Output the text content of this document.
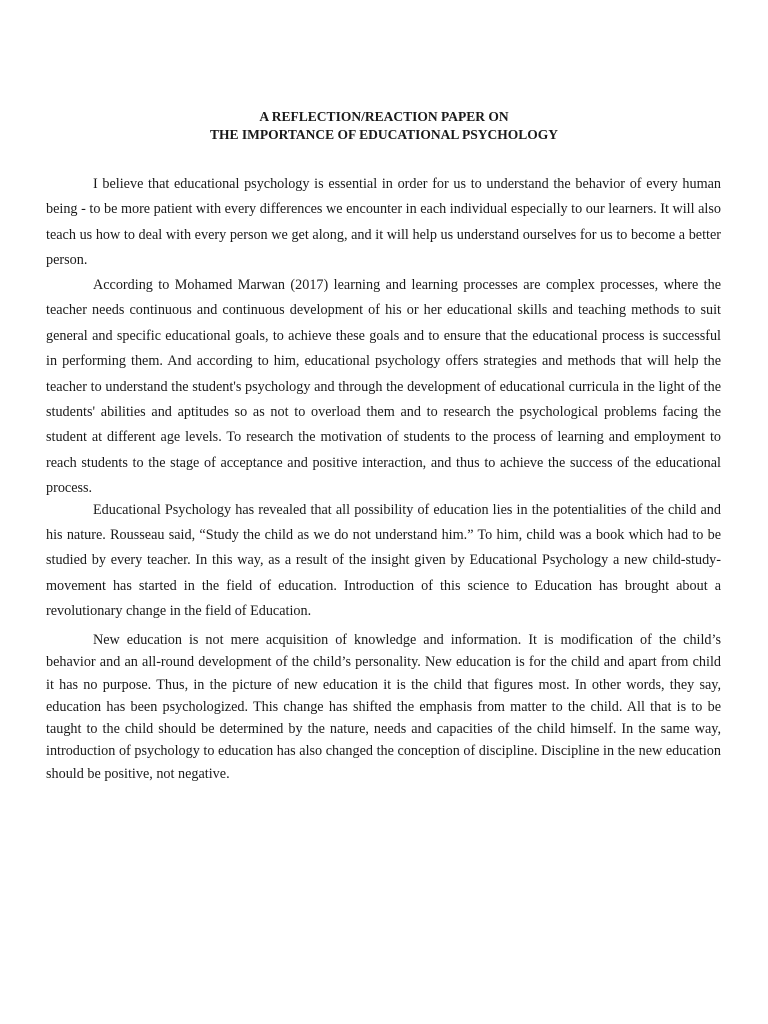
A REFLECTION/REACTION PAPER ON
THE IMPORTANCE OF EDUCATIONAL PSYCHOLOGY

I believe that educational psychology is essential in order for us to understand the behavior of every human being - to be more patient with every differences we encounter in each individual especially to our learners. It will also teach us how to deal with every person we get along, and it will help us understand ourselves for us to become a better person.

According to Mohamed Marwan (2017) learning and learning processes are complex processes, where the teacher needs continuous and continuous development of his or her educational skills and teaching methods to suit general and specific educational goals, to achieve these goals and to ensure that the educational process is successful in performing them. And according to him, educational psychology offers strategies and methods that will help the teacher to understand the student's psychology and through the development of educational curricula in the light of the students' abilities and aptitudes so as not to overload them and to research the psychological problems facing the student at different age levels. To research the motivation of students to the process of learning and employment to reach students to the stage of acceptance and positive interaction, and thus to achieve the success of the educational process.

Educational Psychology has revealed that all possibility of education lies in the potentialities of the child and his nature. Rousseau said, “Study the child as we do not understand him.” To him, child was a book which had to be studied by every teacher. In this way, as a result of the insight given by Educational Psychology a new child-study- movement has started in the field of education. Introduction of this science to Education has brought about a revolutionary change in the field of Education.

New education is not mere acquisition of knowledge and information. It is modification of the child’s behavior and an all-round development of the child’s personality. New education is for the child and apart from child it has no purpose. Thus, in the picture of new education it is the child that figures most. In other words, they say, education has been psychologized. This change has shifted the emphasis from matter to the child. All that is to be taught to the child should be determined by the nature, needs and capacities of the child himself. In the same way, introduction of psychology to education has also changed the conception of discipline. Discipline in the new education should be positive, not negative.
